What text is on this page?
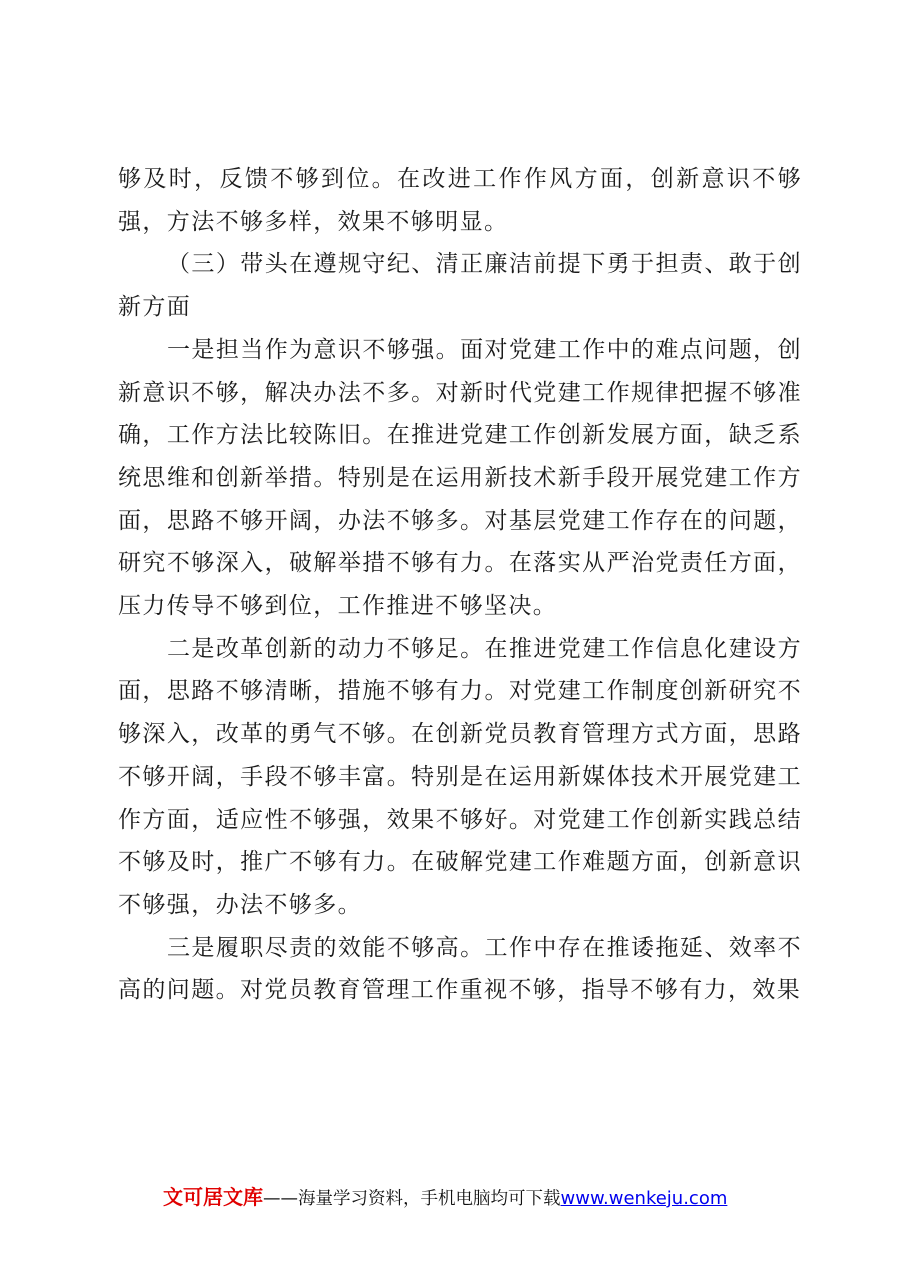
够及时，反馈不够到位。在改进工作作风方面，创新意识不够强，方法不够多样，效果不够明显。

（三）带头在遵规守纪、清正廉洁前提下勇于担责、敢于创新方面

一是担当作为意识不够强。面对党建工作中的难点问题，创新意识不够，解决办法不多。对新时代党建工作规律把握不够准确，工作方法比较陈旧。在推进党建工作创新发展方面，缺乏系统思维和创新举措。特别是在运用新技术新手段开展党建工作方面，思路不够开阔，办法不够多。对基层党建工作存在的问题，研究不够深入，破解举措不够有力。在落实从严治党责任方面，压力传导不够到位，工作推进不够坚决。

二是改革创新的动力不够足。在推进党建工作信息化建设方面，思路不够清晰，措施不够有力。对党建工作制度创新研究不够深入，改革的勇气不够。在创新党员教育管理方式方面，思路不够开阔，手段不够丰富。特别是在运用新媒体技术开展党建工作方面，适应性不够强，效果不够好。对党建工作创新实践总结不够及时，推广不够有力。在破解党建工作难题方面，创新意识不够强，办法不够多。

三是履职尽责的效能不够高。工作中存在推诿拖延、效率不高的问题。对党员教育管理工作重视不够，指导不够有力，效果

文可居文库——海量学习资料，手机电脑均可下载www.wenkeju.com
